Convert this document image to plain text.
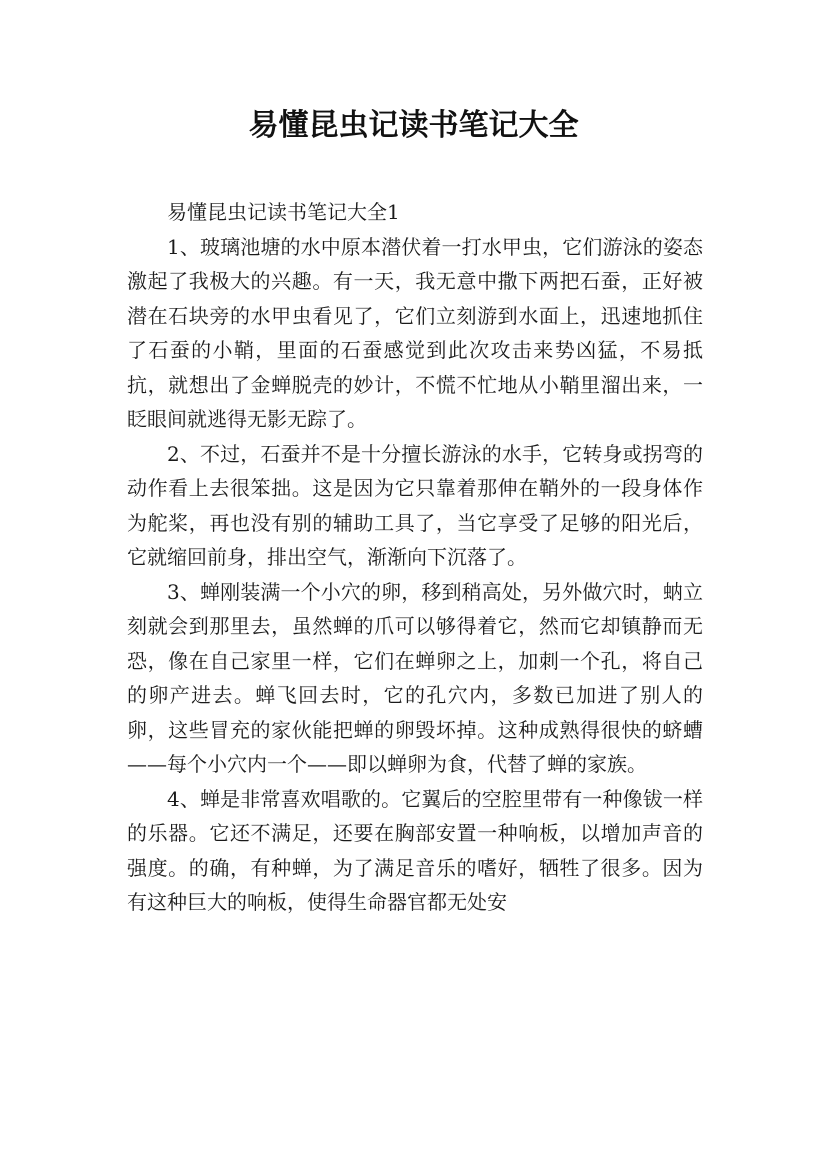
易懂昆虫记读书笔记大全

易懂昆虫记读书笔记大全1

1、玻璃池塘的水中原本潜伏着一打水甲虫，它们游泳的姿态激起了我极大的兴趣。有一天，我无意中撒下两把石蚕，正好被潜在石块旁的水甲虫看见了，它们立刻游到水面上，迅速地抓住了石蚕的小鞘，里面的石蚕感觉到此次攻击来势凶猛，不易抵抗，就想出了金蝉脱壳的妙计，不慌不忙地从小鞘里溜出来，一眨眼间就逃得无影无踪了。

2、不过，石蚕并不是十分擅长游泳的水手，它转身或拐弯的动作看上去很笨拙。这是因为它只靠着那伸在鞘外的一段身体作为舵桨，再也没有别的辅助工具了，当它享受了足够的阳光后，它就缩回前身，排出空气，渐渐向下沉落了。

3、蝉刚装满一个小穴的卵，移到稍高处，另外做穴时，蚋立刻就会到那里去，虽然蝉的爪可以够得着它，然而它却镇静而无恐，像在自己家里一样，它们在蝉卵之上，加刺一个孔，将自己的卵产进去。蝉飞回去时，它的孔穴内，多数已加进了别人的卵，这些冒充的家伙能把蝉的卵毁坏掉。这种成熟得很快的蛴螬——每个小穴内一个——即以蝉卵为食，代替了蝉的家族。

4、蝉是非常喜欢唱歌的。它翼后的空腔里带有一种像钹一样的乐器。它还不满足，还要在胸部安置一种响板，以增加声音的强度。的确，有种蝉，为了满足音乐的嗜好，牺牲了很多。因为有这种巨大的响板，使得生命器官都无处安
